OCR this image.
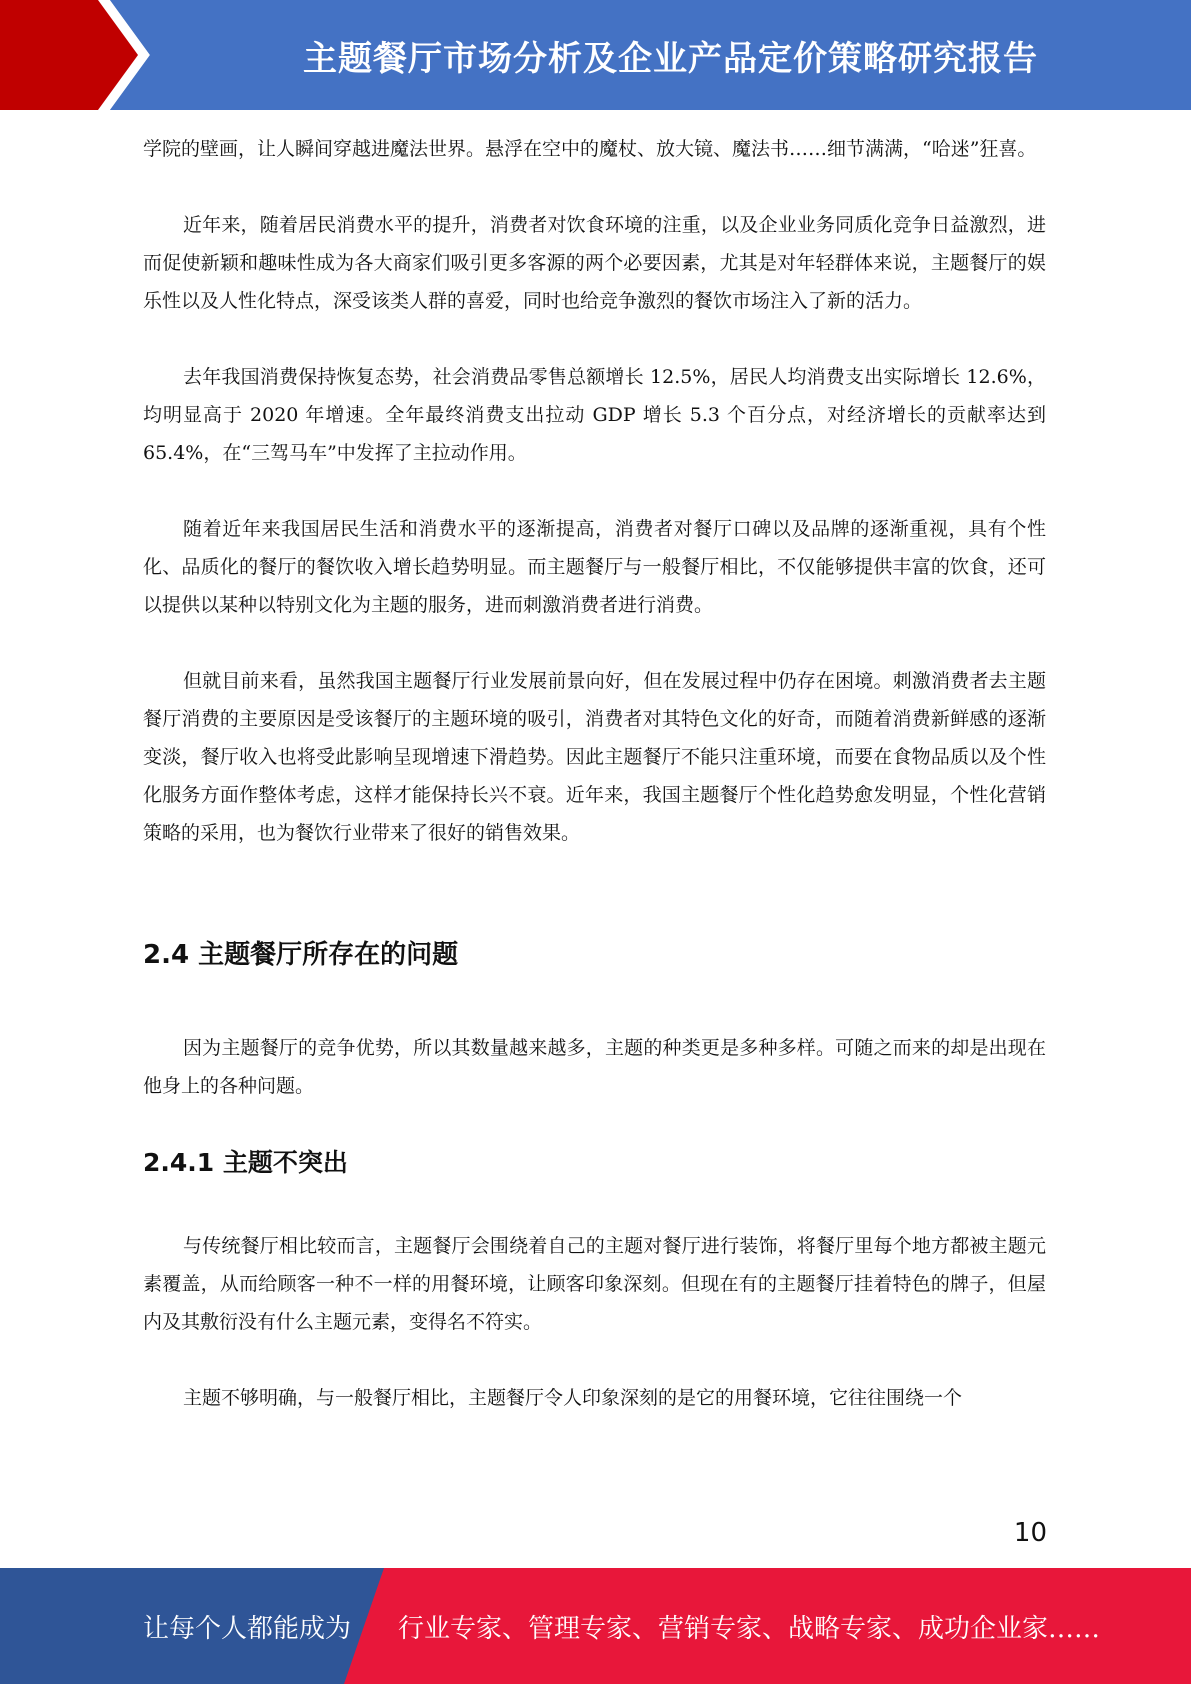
主题餐厅市场分析及企业产品定价策略研究报告

学院的壁画，让人瞬间穿越进魔法世界。悬浮在空中的魔杖、放大镜、魔法书……细节满满，“哈迷”狂喜。

近年来，随着居民消费水平的提升，消费者对饮食环境的注重，以及企业业务同质化竞争日益激烈，进而促使新颖和趣味性成为各大商家们吸引更多客源的两个必要因素，尤其是对年轻群体来说，主题餐厅的娱乐性以及人性化特点，深受该类人群的喜爱，同时也给竞争激烈的餐饮市场注入了新的活力。

去年我国消费保持恢复态势，社会消费品零售总额增长 12.5%，居民人均消费支出实际增长 12.6%，均明显高于 2020 年增速。全年最终消费支出拉动 GDP 增长 5.3 个百分点，对经济增长的贡献率达到 65.4%，在“三驾马车”中发挥了主拉动作用。

随着近年来我国居民生活和消费水平的逐渐提高，消费者对餐厅口碑以及品牌的逐渐重视，具有个性化、品质化的餐厅的餐饮收入增长趋势明显。而主题餐厅与一般餐厅相比，不仅能够提供丰富的饮食，还可以提供以某种以特别文化为主题的服务，进而刺激消费者进行消费。

但就目前来看，虽然我国主题餐厅行业发展前景向好，但在发展过程中仍存在困境。刺激消费者去主题餐厅消费的主要原因是受该餐厅的主题环境的吸引，消费者对其特色文化的好奇，而随着消费新鲜感的逐渐变淡，餐厅收入也将受此影响呈现增速下滑趋势。因此主题餐厅不能只注重环境，而要在食物品质以及个性化服务方面作整体考虑，这样才能保持长兴不衰。近年来，我国主题餐厅个性化趋势愈发明显，个性化营销策略的采用，也为餐饮行业带来了很好的销售效果。

2.4 主题餐厅所存在的问题

因为主题餐厅的竞争优势，所以其数量越来越多，主题的种类更是多种多样。可随之而来的却是出现在他身上的各种问题。

2.4.1 主题不突出

与传统餐厅相比较而言，主题餐厅会围绕着自己的主题对餐厅进行装饰，将餐厅里每个地方都被主题元素覆盖，从而给顾客一种不一样的用餐环境，让顾客印象深刻。但现在有的主题餐厅挂着特色的牌子，但屋内及其敷衍没有什么主题元素，变得名不符实。

主题不够明确，与一般餐厅相比，主题餐厅令人印象深刻的是它的用餐环境，它往往围绕一个

10
让每个人都能成为 行业专家、管理专家、营销专家、战略专家、成功企业家……
